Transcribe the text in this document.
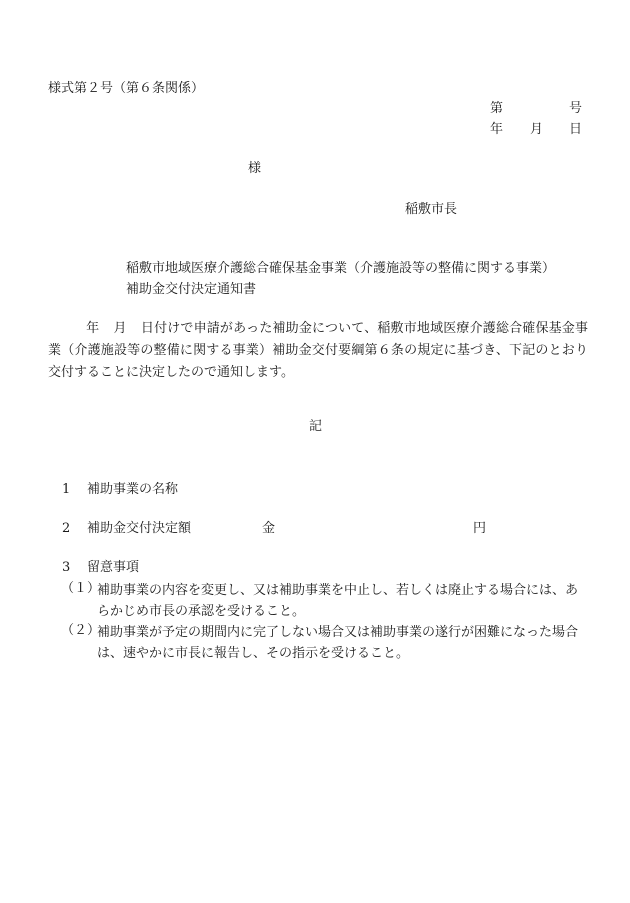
様式第２号（第６条関係）
第	号
年 月 日
様
稲敷市長
稲敷市地域医療介護総合確保基金事業（介護施設等の整備に関する事業）
補助金交付決定通知書
年 月 日付けで申請があった補助金について、稲敷市地域医療介護総合確保基金事業（介護施設等の整備に関する事業）補助金交付要綱第６条の規定に基づき、下記のとおり交付することに決定したので通知します。
記
1 補助事業の名称
2 補助金交付決定額	金	円
3 留意事項
（１）
補助事業の内容を変更し、又は補助事業を中止し、若しくは廃止する場合には、あらかじめ市長の承認を受けること。
（２）
補助事業が予定の期間内に完了しない場合又は補助事業の遂行が困難になった場合は、速やかに市長に報告し、その指示を受けること。
